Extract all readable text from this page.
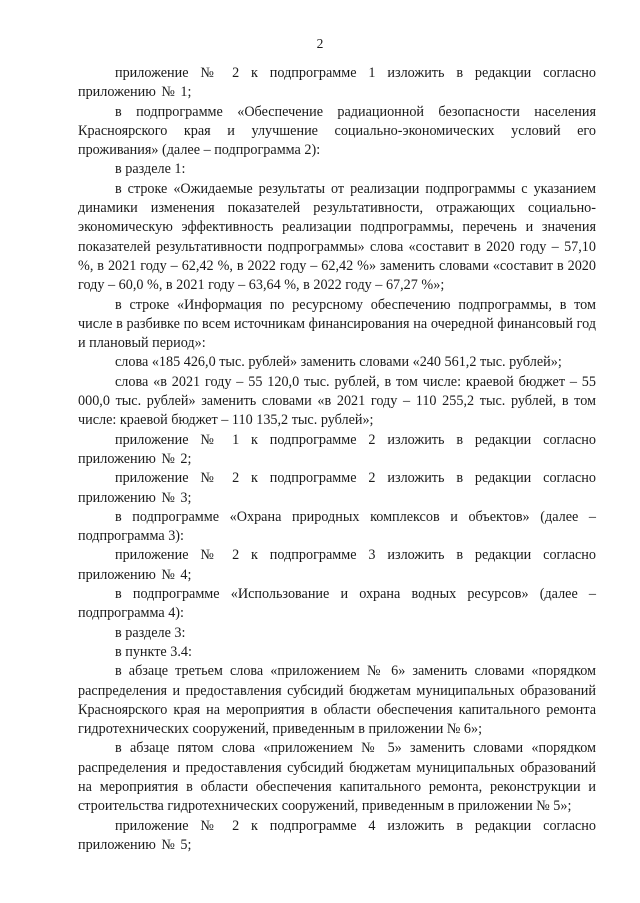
2

приложение № 2 к подпрограмме 1 изложить в редакции согласно приложению № 1;

в подпрограмме «Обеспечение радиационной безопасности населения Красноярского края и улучшение социально-экономических условий его проживания» (далее – подпрограмма 2):

в разделе 1:

в строке «Ожидаемые результаты от реализации подпрограммы с указанием динамики изменения показателей результативности, отражающих социально-экономическую эффективность реализации подпрограммы, перечень и значения показателей результативности подпрограммы» слова «составит в 2020 году – 57,10 %, в 2021 году – 62,42 %, в 2022 году – 62,42 %» заменить словами «составит в 2020 году – 60,0 %, в 2021 году – 63,64 %, в 2022 году – 67,27 %»;

в строке «Информация по ресурсному обеспечению подпрограммы, в том числе в разбивке по всем источникам финансирования на очередной финансовый год и плановый период»:

слова «185 426,0 тыс. рублей» заменить словами «240 561,2 тыс. рублей»;

слова «в 2021 году – 55 120,0 тыс. рублей, в том числе: краевой бюджет – 55 000,0 тыс. рублей» заменить словами «в 2021 году – 110 255,2 тыс. рублей, в том числе: краевой бюджет – 110 135,2 тыс. рублей»;

приложение № 1 к подпрограмме 2 изложить в редакции согласно приложению № 2;

приложение № 2 к подпрограмме 2 изложить в редакции согласно приложению № 3;

в подпрограмме «Охрана природных комплексов и объектов» (далее – подпрограмма 3):

приложение № 2 к подпрограмме 3 изложить в редакции согласно приложению № 4;

в подпрограмме «Использование и охрана водных ресурсов» (далее – подпрограмма 4):

в разделе 3:

в пункте 3.4:

в абзаце третьем слова «приложением № 6» заменить словами «порядком распределения и предоставления субсидий бюджетам муниципальных образований Красноярского края на мероприятия в области обеспечения капитального ремонта гидротехнических сооружений, приведенным в приложении № 6»;

в абзаце пятом слова «приложением № 5» заменить словами «порядком распределения и предоставления субсидий бюджетам муниципальных образований на мероприятия в области обеспечения капитального ремонта, реконструкции и строительства гидротехнических сооружений, приведенным в приложении № 5»;

приложение № 2 к подпрограмме 4 изложить в редакции согласно приложению № 5;
